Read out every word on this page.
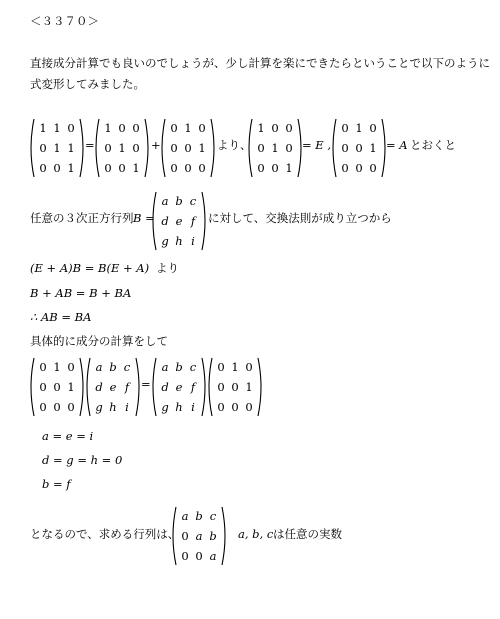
＜３３７０＞
直接成分計算でも良いのでしょうが、少し計算を楽にできたらということで以下のように
式変形してみました。
1 1 0
0 1 1
0 0 1
=
1 0 0
0 1 0
0 0 1
+
0 1 0
0 0 1
0 0 0
より、
1 0 0
0 1 0
0 0 1
= E ,
0 1 0
0 0 1
0 0 0
= A とおくと
任意の３次正方行列 B =
a b c
d e f
g h i
に対して、交換法則が成り立つから
(E + A)B = B(E + A) より
B + AB = B + BA
∴ AB = BA
具体的に成分の計算をして
0 1 0
0 0 1
0 0 0
a b c
d e f
g h i
=
a b c
d e f
g h i
0 1 0
0 0 1
0 0 0
a = e = i
d = g = h = 0
b = f
となるので、求める行列は、
a b c
0 a b
0 0 a
a, b, c は任意の実数
